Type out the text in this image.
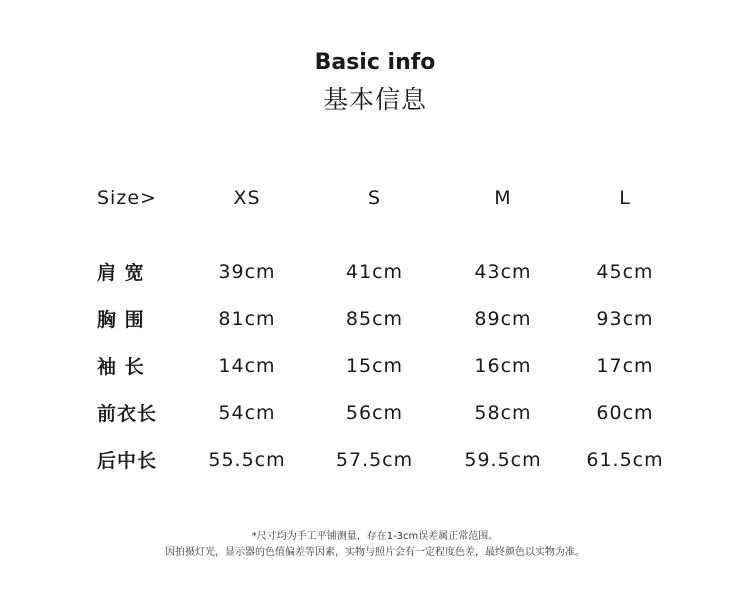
Basic info
基本信息
Size>	XS	S	M	L

肩 宽	39cm	41cm	43cm	45cm
胸 围	81cm	85cm	89cm	93cm
袖 长	14cm	15cm	16cm	17cm
前衣长	54cm	56cm	58cm	60cm
后中长	55.5cm	57.5cm	59.5cm	61.5cm
*尺寸均为手工平铺测量，存在1-3cm误差属正常范围。
因拍摄灯光，显示器的色值偏差等因素，实物与照片会有一定程度色差，最终颜色以实物为准。
